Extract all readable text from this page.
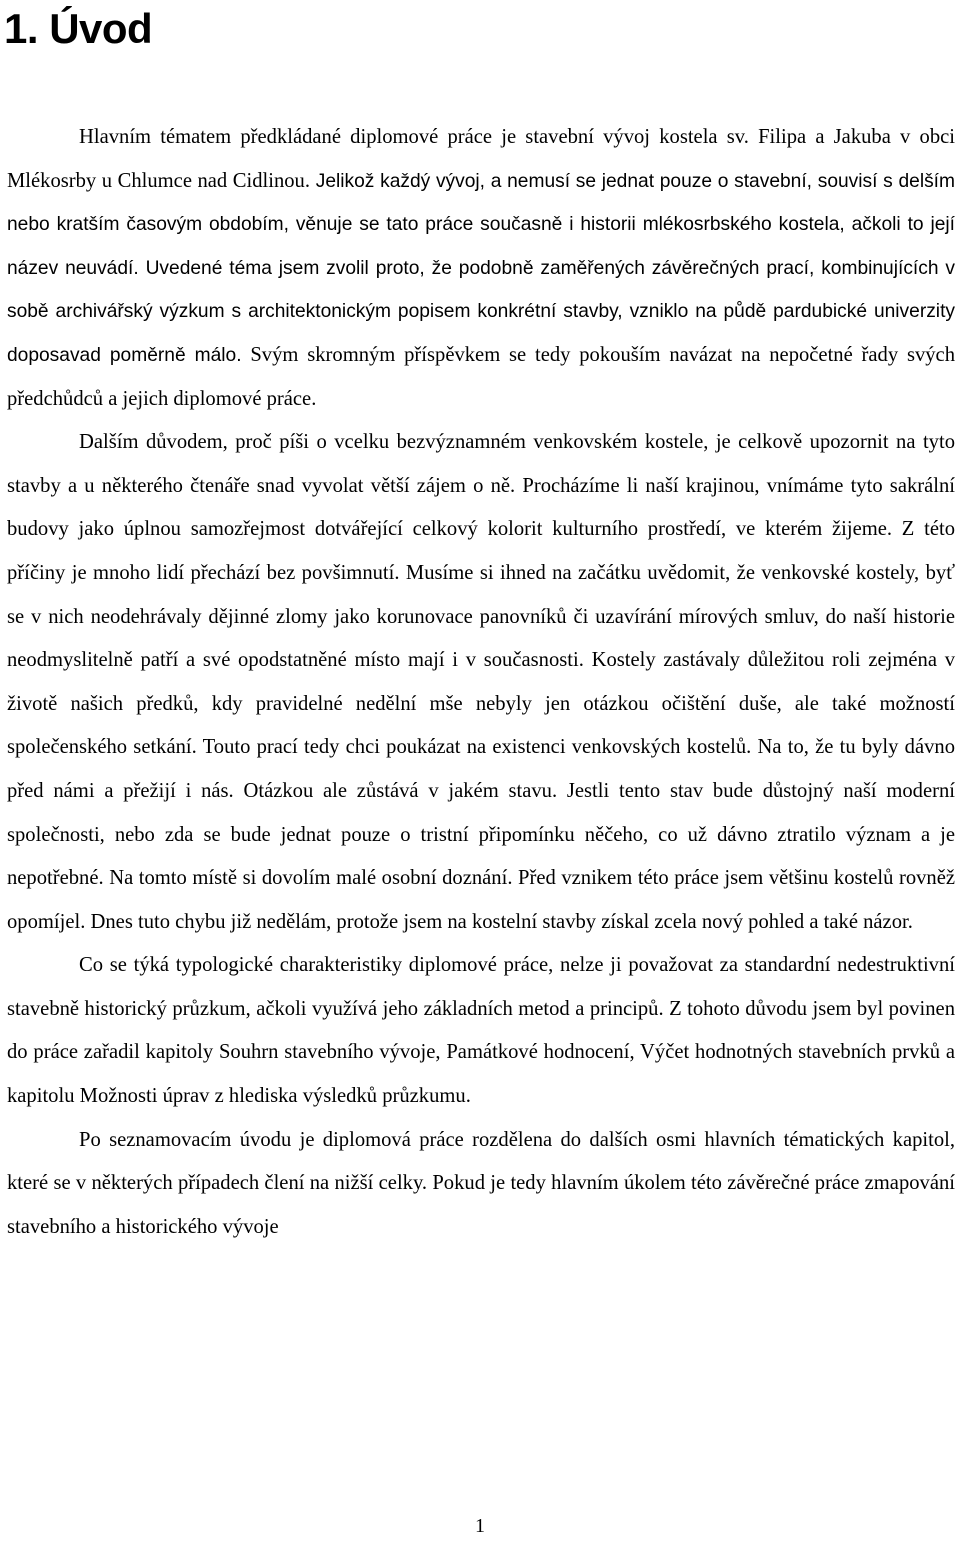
1. Úvod

Hlavním tématem předkládané diplomové práce je stavební vývoj kostela sv. Filipa a Jakuba v obci Mlékosrby u Chlumce nad Cidlinou. Jelikož každý vývoj, a nemusí se jednat pouze o stavební, souvisí s delším nebo kratším časovým obdobím, věnuje se tato práce současně i historii mlékosrbského kostela, ačkoli to její název neuvádí. Uvedené téma jsem zvolil proto, že podobně zaměřených závěrečných prací, kombinujících v sobě archivářský výzkum s architektonickým popisem konkrétní stavby, vzniklo na půdě pardubické univerzity doposavad poměrně málo. Svým skromným příspěvkem se tedy pokouším navázat na nepočetné řady svých předchůdců a jejich diplomové práce.

Dalším důvodem, proč píši o vcelku bezvýznamném venkovském kostele, je celkově upozornit na tyto stavby a u některého čtenáře snad vyvolat větší zájem o ně. Procházíme li naší krajinou, vnímáme tyto sakrální budovy jako úplnou samozřejmost dotvářející celkový kolorit kulturního prostředí, ve kterém žijeme. Z této příčiny je mnoho lidí přechází bez povšimnutí. Musíme si ihned na začátku uvědomit, že venkovské kostely, byť se v nich neodehrávaly dějinné zlomy jako korunovace panovníků či uzavírání mírových smluv, do naší historie neodmyslitelně patří a své opodstatněné místo mají i v současnosti. Kostely zastávaly důležitou roli zejména v životě našich předků, kdy pravidelné nedělní mše nebyly jen otázkou očištění duše, ale také možností společenského setkání. Touto prací tedy chci poukázat na existenci venkovských kostelů. Na to, že tu byly dávno před námi a přežijí i nás. Otázkou ale zůstává v jakém stavu. Jestli tento stav bude důstojný naší moderní společnosti, nebo zda se bude jednat pouze o tristní připomínku něčeho, co už dávno ztratilo význam a je nepotřebné. Na tomto místě si dovolím malé osobní doznání. Před vznikem této práce jsem většinu kostelů rovněž opomíjel. Dnes tuto chybu již nedělám, protože jsem na kostelní stavby získal zcela nový pohled a také názor.

Co se týká typologické charakteristiky diplomové práce, nelze ji považovat za standardní nedestruktivní stavebně historický průzkum, ačkoli využívá jeho základních metod a principů. Z tohoto důvodu jsem byl povinen do práce zařadil kapitoly Souhrn stavebního vývoje, Památkové hodnocení, Výčet hodnotných stavebních prvků a kapitolu Možnosti úprav z hlediska výsledků průzkumu.

Po seznamovacím úvodu je diplomová práce rozdělena do dalších osmi hlavních tématických kapitol, které se v některých případech člení na nižší celky. Pokud je tedy hlavním úkolem této závěrečné práce zmapování stavebního a historického vývoje

1
